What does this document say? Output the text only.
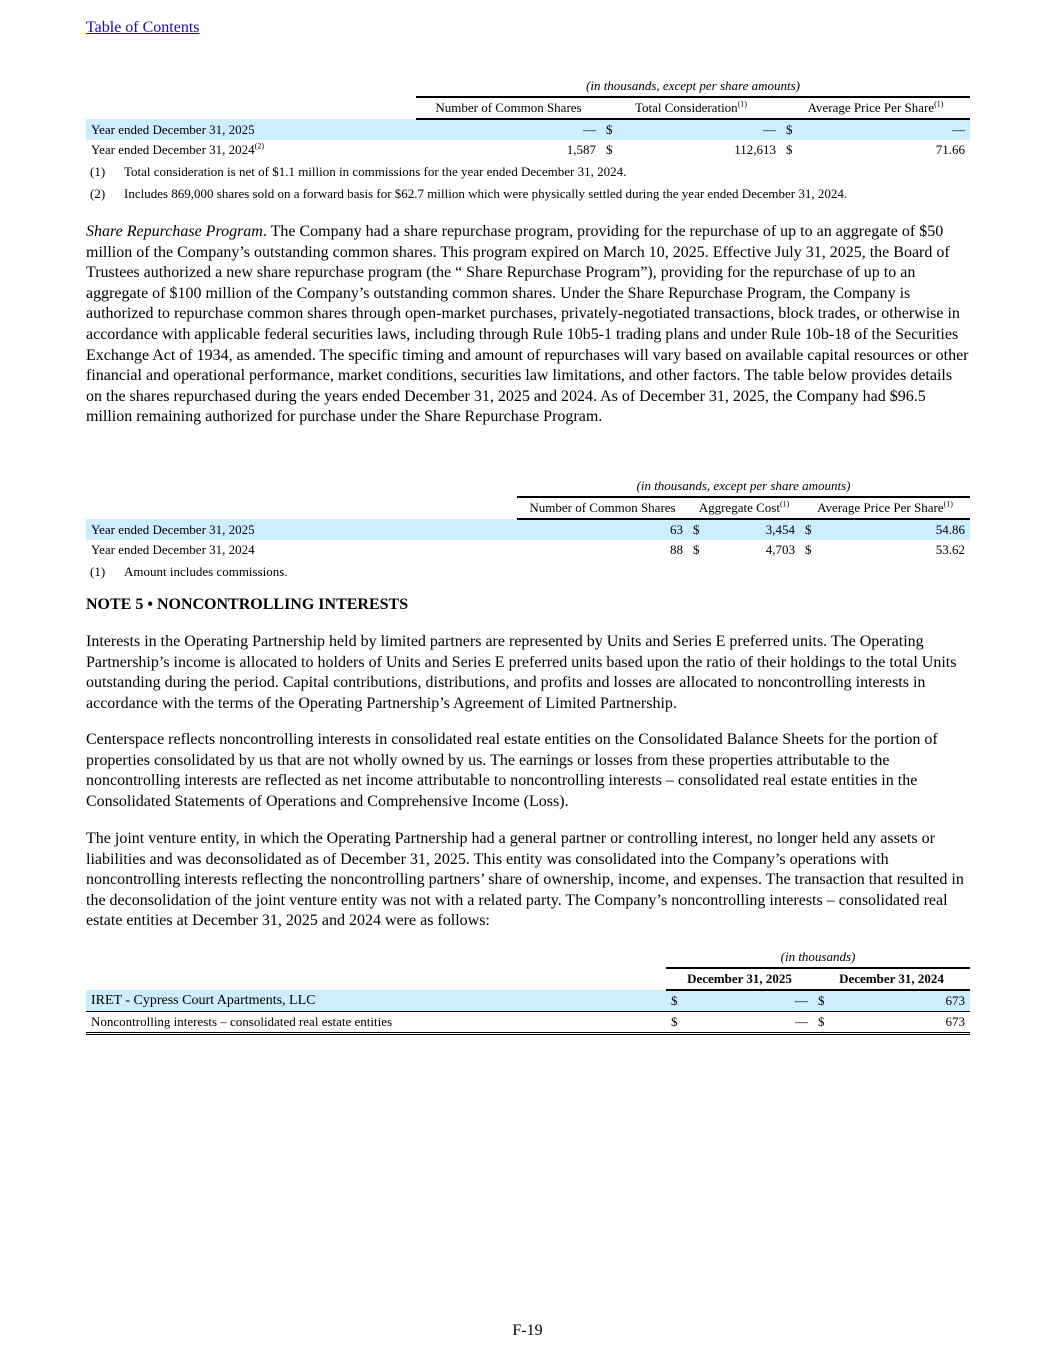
Table of Contents
	(in thousands, except per share amounts)				
	Number of Common Shares	Total Consideration$^{(1)}$		Average Price Per Share$^{(1)}$
Year ended December 31, 2025	—	$	—	$	—
Year ended December 31, 2024$^{(2)}$	1,587	$	112,613	$	71.66
(1) Total consideration is net of $1.1 million in commissions for the year ended December 31, 2024.
(2) Includes 869,000 shares sold on a forward basis for $62.7 million which were physically settled during the year ended December 31, 2024.

Share Repurchase Program. The Company had a share repurchase program, providing for the repurchase of up to an aggregate of $50 million of the Company’s outstanding common shares. This program expired on March 10, 2025. Effective July 31, 2025, the Board of Trustees authorized a new share repurchase program (the “ Share Repurchase Program”), providing for the repurchase of up to an aggregate of $100 million of the Company’s outstanding common shares. Under the Share Repurchase Program, the Company is authorized to repurchase common shares through open-market purchases, privately-negotiated transactions, block trades, or otherwise in accordance with applicable federal securities laws, including through Rule 10b5-1 trading plans and under Rule 10b-18 of the Securities Exchange Act of 1934, as amended. The specific timing and amount of repurchases will vary based on available capital resources or other financial and operational performance, market conditions, securities law limitations, and other factors. The table below provides details on the shares repurchased during the years ended December 31, 2025 and 2024. As of December 31, 2025, the Company had $96.5 million remaining authorized for purchase under the Share Repurchase Program.

	(in thousands, except per share amounts)				
	Number of Common Shares	Aggregate Cost$^{(1)}$		Average Price Per Share$^{(1)}$
Year ended December 31, 2025	63	$	3,454	$	54.86
Year ended December 31, 2024	88	$	4,703	$	53.62
(1) Amount includes commissions.

NOTE 5 • NONCONTROLLING INTERESTS

Interests in the Operating Partnership held by limited partners are represented by Units and Series E preferred units. The Operating Partnership’s income is allocated to holders of Units and Series E preferred units based upon the ratio of their holdings to the total Units outstanding during the period. Capital contributions, distributions, and profits and losses are allocated to noncontrolling interests in accordance with the terms of the Operating Partnership’s Agreement of Limited Partnership.

Centerspace reflects noncontrolling interests in consolidated real estate entities on the Consolidated Balance Sheets for the portion of properties consolidated by us that are not wholly owned by us. The earnings or losses from these properties attributable to the noncontrolling interests are reflected as net income attributable to noncontrolling interests – consolidated real estate entities in the Consolidated Statements of Operations and Comprehensive Income (Loss).

The joint venture entity, in which the Operating Partnership had a general partner or controlling interest, no longer held any assets or liabilities and was deconsolidated as of December 31, 2025. This entity was consolidated into the Company’s operations with noncontrolling interests reflecting the noncontrolling partners’ share of ownership, income, and expenses. The transaction that resulted in the deconsolidation of the joint venture entity was not with a related party. The Company’s noncontrolling interests – consolidated real estate entities at December 31, 2025 and 2024 were as follows:

	(in thousands)			
	December 31, 2025		December 31, 2024	
IRET - Cypress Court Apartments, LLC	$	—	$	673
Noncontrolling interests – consolidated real estate entities	$	—	$	673
F-19
